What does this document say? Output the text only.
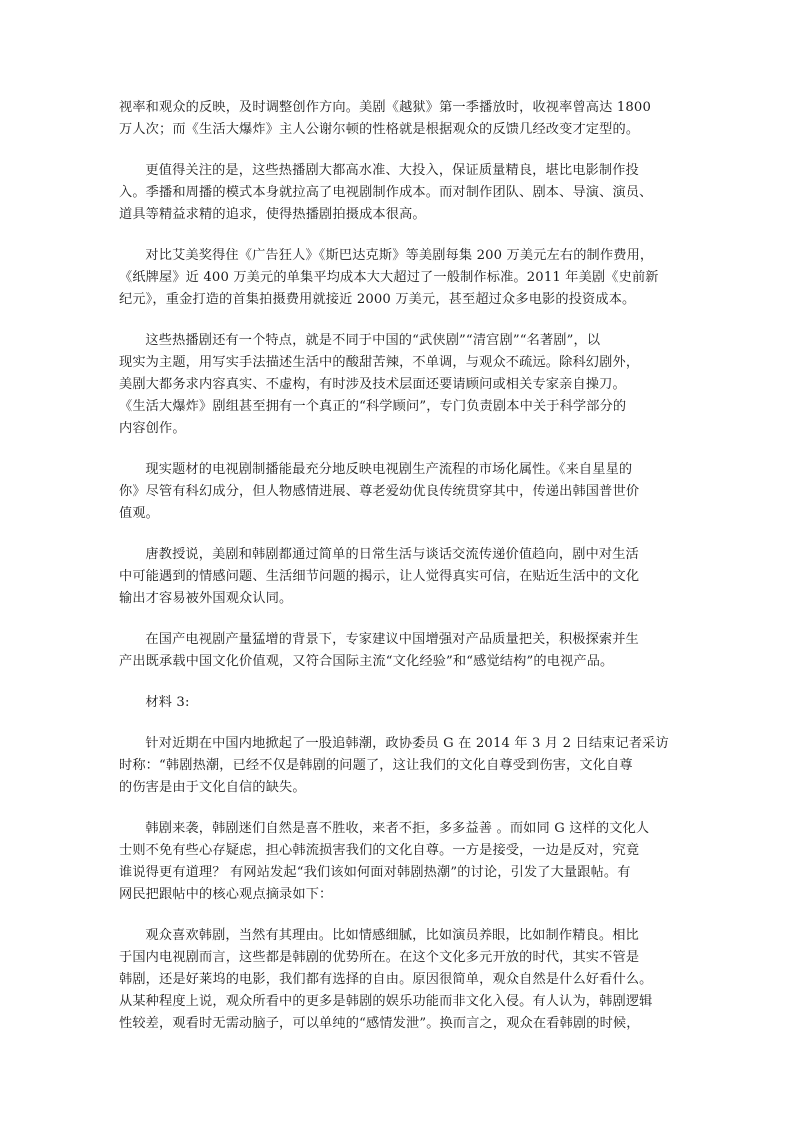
视率和观众的反映，及时调整创作方向。美剧《越狱》第一季播放时，收视率曾高达 1800
万人次；而《生活大爆炸》主人公谢尔顿的性格就是根据观众的反馈几经改变才定型的。

更值得关注的是，这些热播剧大都高水准、大投入，保证质量精良，堪比电影制作投
入。季播和周播的模式本身就拉高了电视剧制作成本。而对制作团队、剧本、导演、演员、
道具等精益求精的追求，使得热播剧拍摄成本很高。

对比艾美奖得住《广告狂人》《斯巴达克斯》等美剧每集 200 万美元左右的制作费用，
《纸牌屋》近 400 万美元的单集平均成本大大超过了一般制作标准。2011 年美剧《史前新
纪元》，重金打造的首集拍摄费用就接近 2000 万美元，甚至超过众多电影的投资成本。

这些热播剧还有一个特点，就是不同于中国的“武侠剧”“清宫剧”“名著剧”，以
现实为主题，用写实手法描述生活中的酸甜苦辣，不单调，与观众不疏远。除科幻剧外，
美剧大都务求内容真实、不虚构，有时涉及技术层面还要请顾问或相关专家亲自操刀。
《生活大爆炸》剧组甚至拥有一个真正的“科学顾问”，专门负责剧本中关于科学部分的
内容创作。

现实题材的电视剧制播能最充分地反映电视剧生产流程的市场化属性。《来自星星的
你》尽管有科幻成分，但人物感情进展、尊老爱幼优良传统贯穿其中，传递出韩国普世价
值观。

唐教授说，美剧和韩剧都通过简单的日常生活与谈话交流传递价值趋向，剧中对生活
中可能遇到的情感问题、生活细节问题的揭示，让人觉得真实可信，在贴近生活中的文化
输出才容易被外国观众认同。

在国产电视剧产量猛增的背景下，专家建议中国增强对产品质量把关，积极探索并生
产出既承载中国文化价值观，又符合国际主流“文化经验”和“感觉结构”的电视产品。

材料 3:

针对近期在中国内地掀起了一股追韩潮，政协委员 G 在 2014 年 3 月 2 日结束记者采访
时称：“韩剧热潮，已经不仅是韩剧的问题了，这让我们的文化自尊受到伤害，文化自尊
的伤害是由于文化自信的缺失。

韩剧来袭，韩剧迷们自然是喜不胜收，来者不拒，多多益善 。而如同 G 这样的文化人
士则不免有些心存疑虑，担心韩流损害我们的文化自尊。一方是接受，一边是反对，究竟
谁说得更有道理？ 有网站发起“我们该如何面对韩剧热潮”的讨论，引发了大量跟帖。有
网民把跟帖中的核心观点摘录如下：

观众喜欢韩剧，当然有其理由。比如情感细腻，比如演员养眼，比如制作精良。相比
于国内电视剧而言，这些都是韩剧的优势所在。在这个文化多元开放的时代，其实不管是
韩剧，还是好莱坞的电影，我们都有选择的自由。原因很简单，观众自然是什么好看什么。
从某种程度上说，观众所看中的更多是韩剧的娱乐功能而非文化入侵。有人认为，韩剧逻辑
性较差，观看时无需动脑子，可以单纯的“感情发泄”。换而言之，观众在看韩剧的时候，
